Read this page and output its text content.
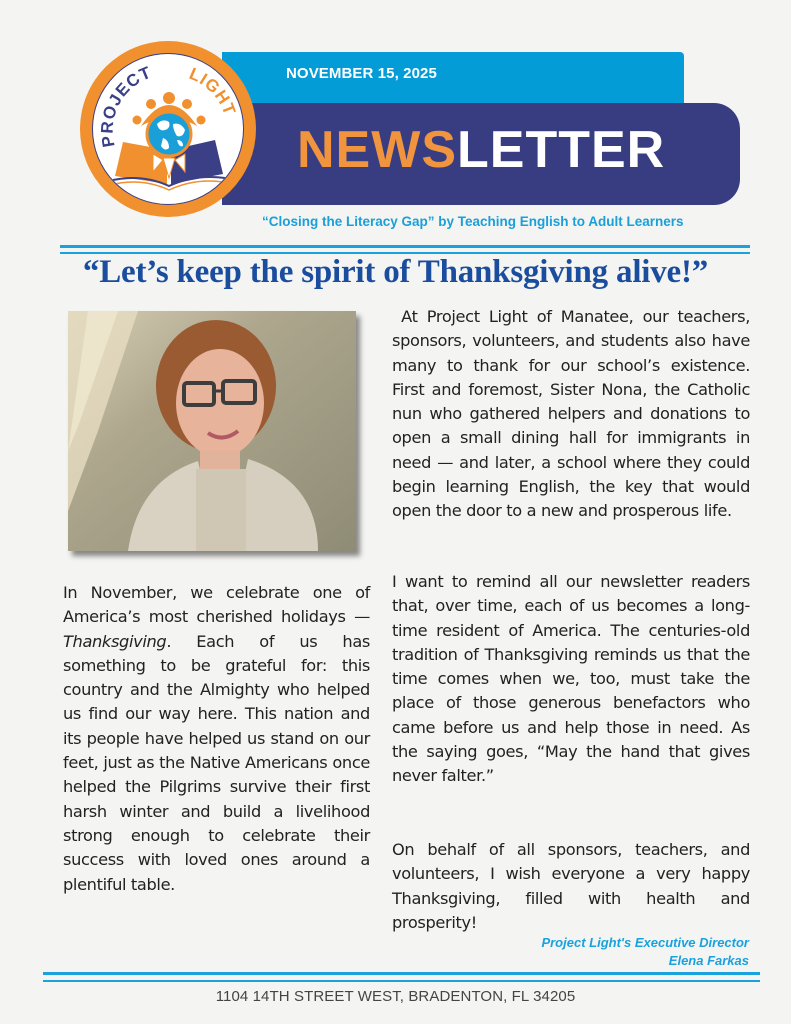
NOVEMBER 15, 2025
NEWSLETTER
“Closing the Literacy Gap” by Teaching English to Adult Learners
PROJECT LIGHT
“Let’s keep the spirit of Thanksgiving alive!”
In November, we celebrate one of America’s most cherished holidays — Thanksgiving. Each of us has something to be grateful for: this country and the Almighty who helped us find our way here. This nation and its people have helped us stand on our feet, just as the Native Americans once helped the Pilgrims survive their first harsh winter and build a livelihood strong enough to celebrate their success with loved ones around a plentiful table.
At Project Light of Manatee, our teachers, sponsors, volunteers, and students also have many to thank for our school’s existence. First and foremost, Sister Nona, the Catholic nun who gathered helpers and donations to open a small dining hall for immigrants in need — and later, a school where they could begin learning English, the key that would open the door to a new and prosperous life.
I want to remind all our newsletter readers that, over time, each of us becomes a long-time resident of America. The centuries-old tradition of Thanksgiving reminds us that the time comes when we, too, must take the place of those generous benefactors who came before us and help those in need. As the saying goes, “May the hand that gives never falter.”
On behalf of all sponsors, teachers, and volunteers, I wish everyone a very happy Thanksgiving, filled with health and prosperity!
Project Light's Executive Director
Elena Farkas
1104 14TH STREET WEST, BRADENTON, FL 34205
